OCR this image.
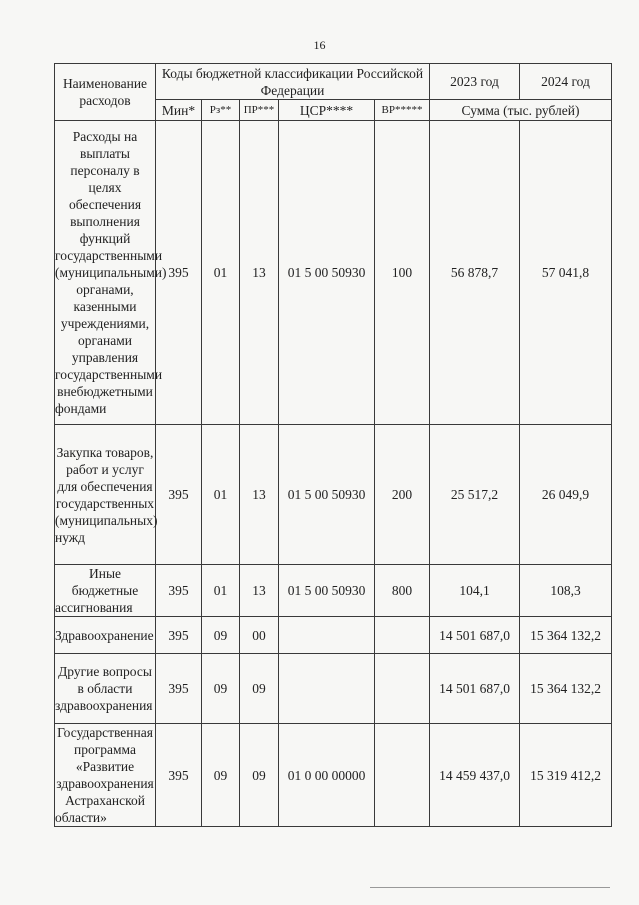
16
Наименование расходов	Коды бюджетной классификации Российской Федерации					2023 год	2024 год
	Мин*	Рз**	ПР***	ЦСР****	ВР*****	Сумма (тыс. рублей)	
Расходы на выплаты персоналу в целях обеспечения выполнения функций государственными (муниципальными) органами, казенными учреждениями, органами управления государственными внебюджетными фондами	395	01	13	01 5 00 50930	100	56 878,7	57 041,8
Закупка товаров, работ и услуг для обеспечения государственных (муниципальных) нужд	395	01	13	01 5 00 50930	200	25 517,2	26 049,9
Иные бюджетные ассигнования	395	01	13	01 5 00 50930	800	104,1	108,3
Здравоохранение	395	09	00			14 501 687,0	15 364 132,2
Другие вопросы в области здравоохранения	395	09	09			14 501 687,0	15 364 132,2
Государственная программа «Развитие здравоохранения Астраханской области»	395	09	09	01 0 00 00000		14 459 437,0	15 319 412,2
